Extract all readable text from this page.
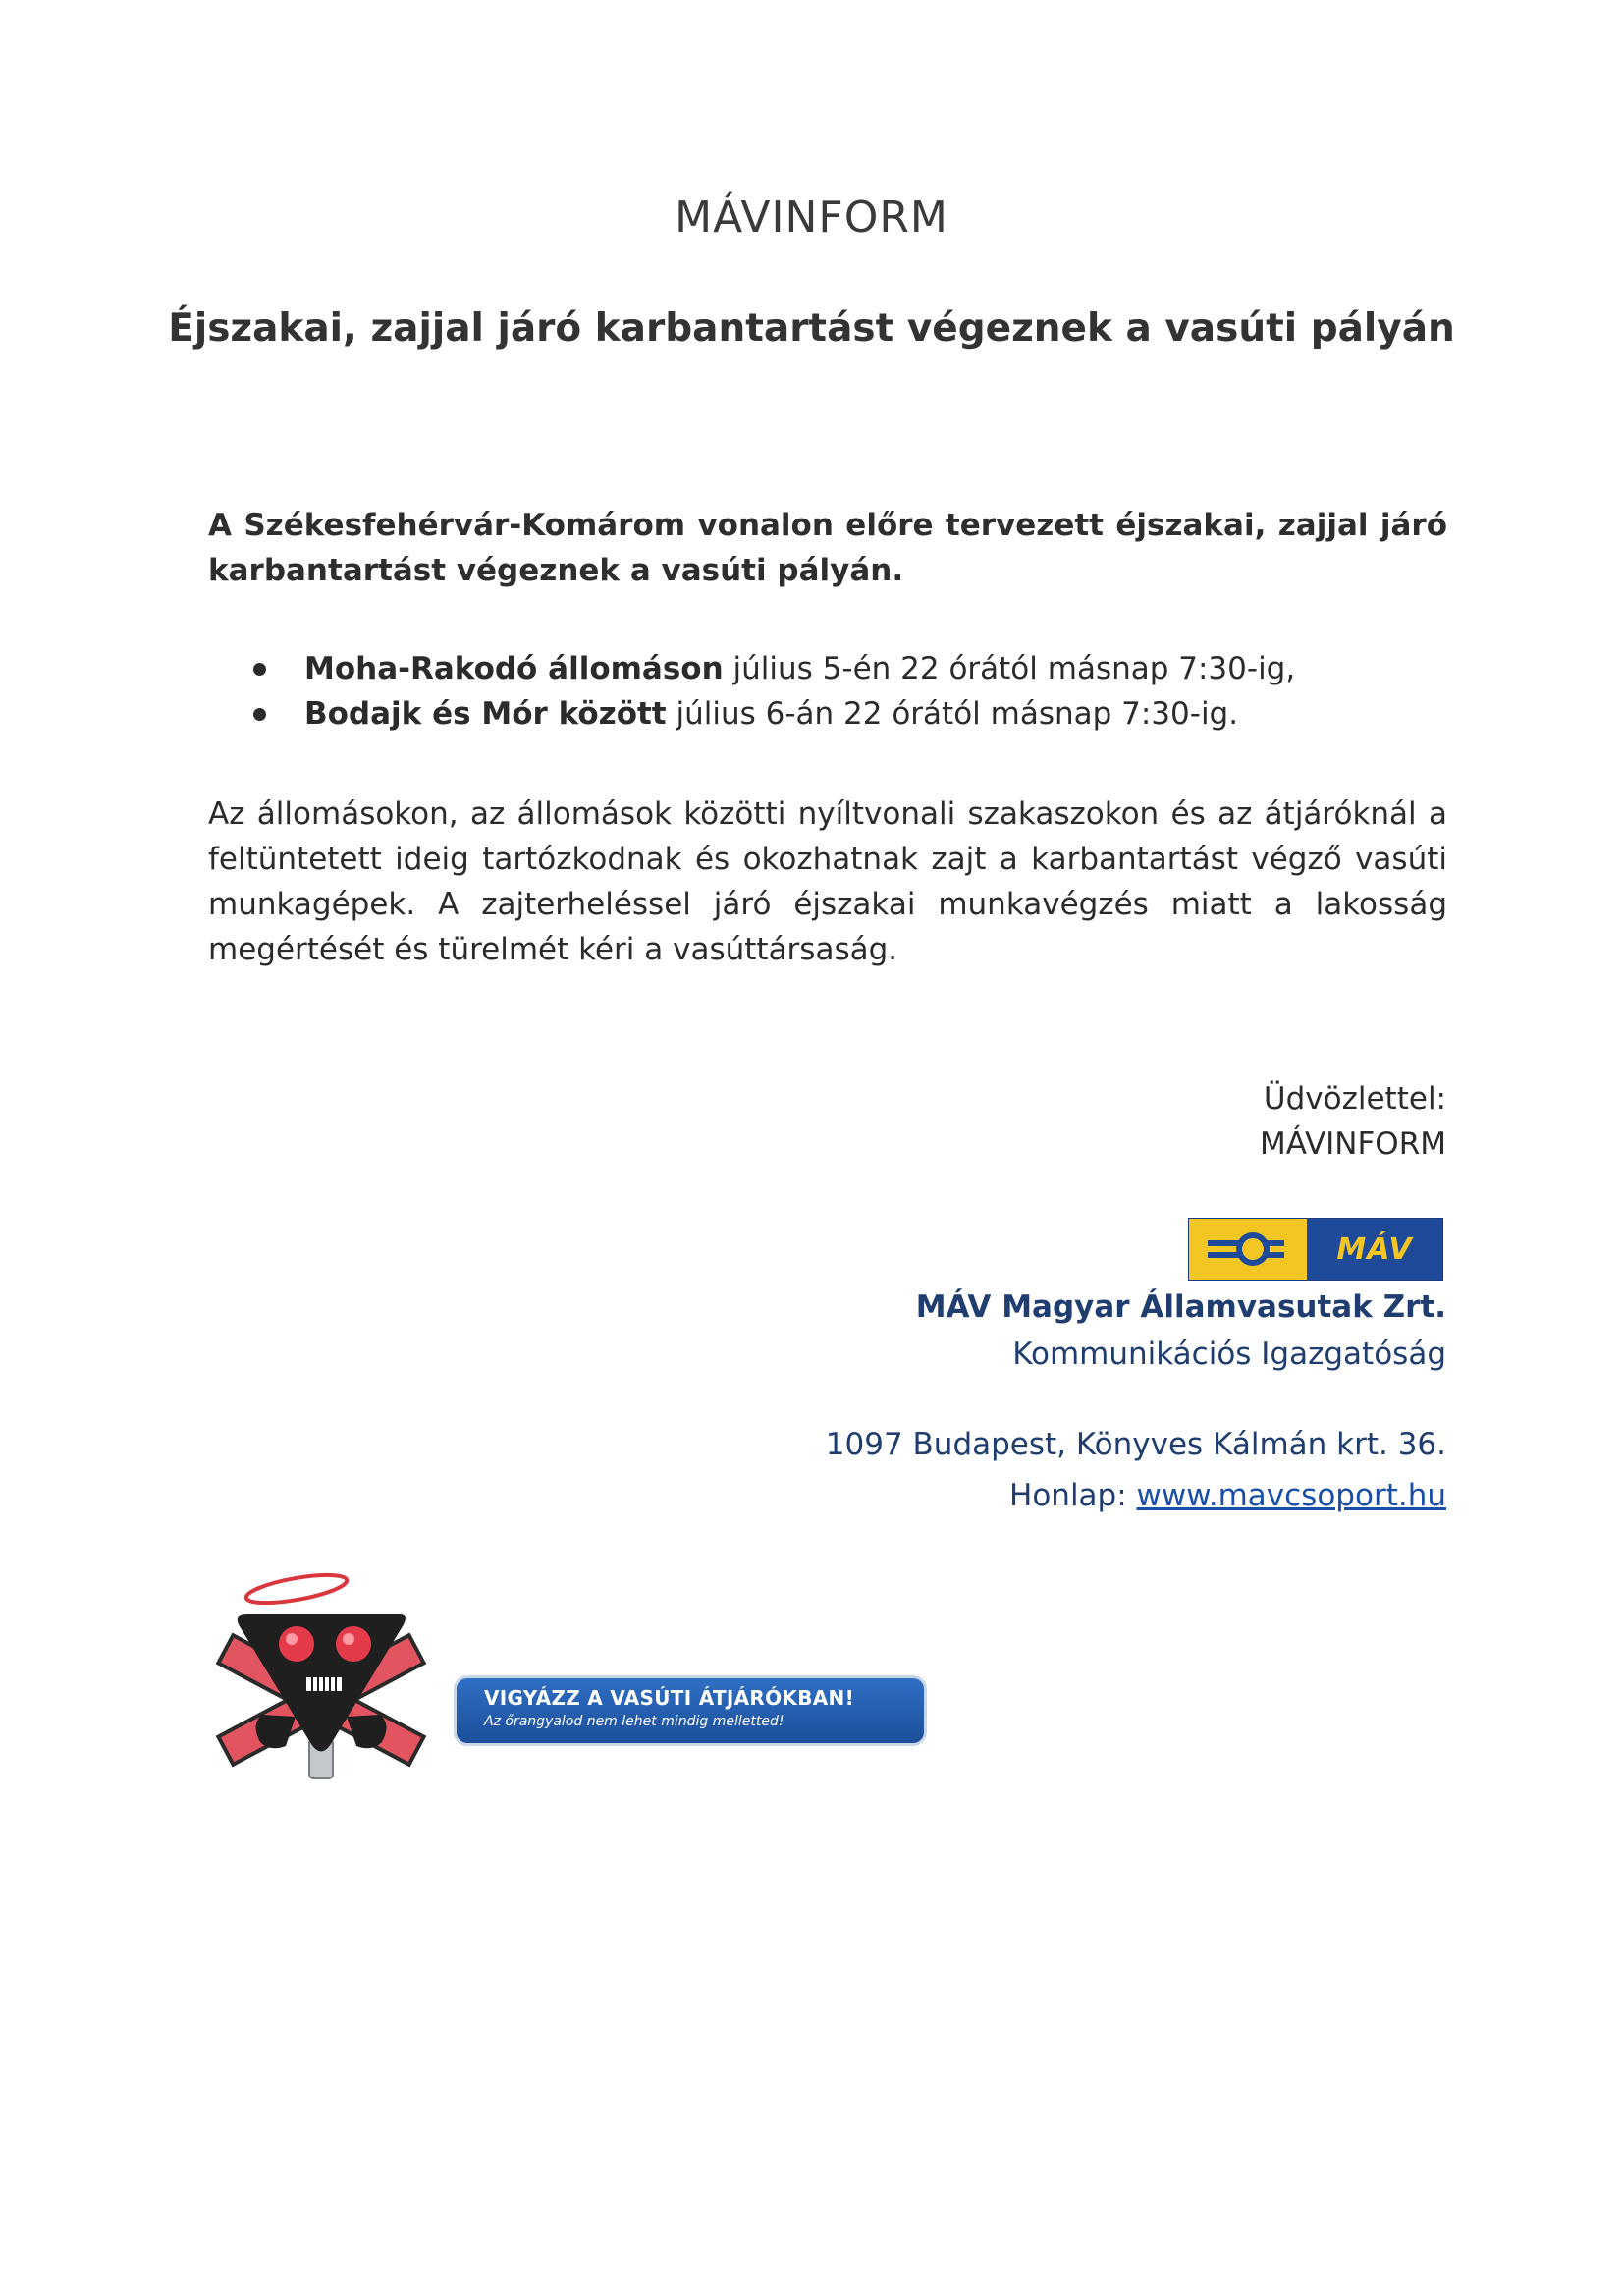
MÁVINFORM
Éjszakai, zajjal járó karbantartást végeznek a vasúti pályán

A Székesfehérvár-Komárom vonalon előre tervezett éjszakai, zajjal járó karbantartást végeznek a vasúti pályán.

Moha-Rakodó állomáson július 5-én 22 órától másnap 7:30-ig,
Bodajk és Mór között július 6-án 22 órától másnap 7:30-ig.

Az állomásokon, az állomások közötti nyíltvonali szakaszokon és az átjáróknál a feltüntetett ideig tartózkodnak és okozhatnak zajt a karbantartást végző vasúti munkagépek. A zajterheléssel járó éjszakai munkavégzés miatt a lakosság megértését és türelmét kéri a vasúttársaság.

Üdvözlettel:
MÁVINFORM
MÁV
MÁV Magyar Államvasutak Zrt.
Kommunikációs Igazgatóság
1097 Budapest, Könyves Kálmán krt. 36.
Honlap: www.mavcsoport.hu
VIGYÁZZ A VASÚTI ÁTJÁRÓKBAN!
Az őrangyalod nem lehet mindig melletted!
